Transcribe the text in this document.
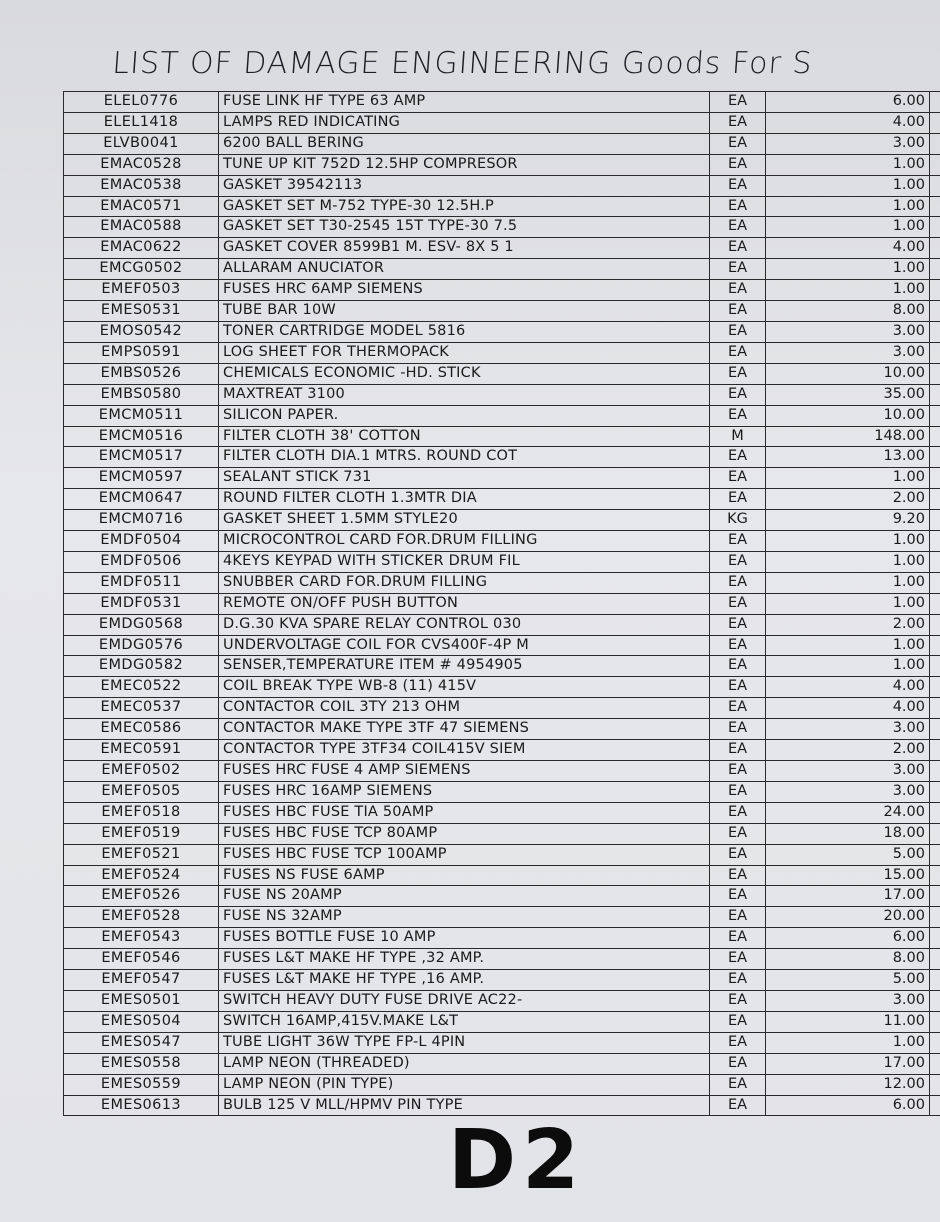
LIST OF DAMAGE ENGINEERING Goods For S
ELEL0776	FUSE LINK HF TYPE 63 AMP	EA	6.00	
ELEL1418	LAMPS RED INDICATING	EA	4.00	
ELVB0041	6200 BALL BERING	EA	3.00	
EMAC0528	TUNE UP KIT 752D 12.5HP COMPRESOR	EA	1.00	
EMAC0538	GASKET 39542113	EA	1.00	
EMAC0571	GASKET SET M-752 TYPE-30 12.5H.P	EA	1.00	
EMAC0588	GASKET SET T30-2545 15T TYPE-30 7.5	EA	1.00	
EMAC0622	GASKET COVER 8599B1 M. ESV- 8X 5 1	EA	4.00	
EMCG0502	ALLARAM ANUCIATOR	EA	1.00	
EMEF0503	FUSES HRC 6AMP SIEMENS	EA	1.00	
EMES0531	TUBE BAR 10W	EA	8.00	
EMOS0542	TONER CARTRIDGE MODEL 5816	EA	3.00	
EMPS0591	LOG SHEET FOR THERMOPACK	EA	3.00	
EMBS0526	CHEMICALS ECONOMIC -HD. STICK	EA	10.00	
EMBS0580	MAXTREAT 3100	EA	35.00	
EMCM0511	SILICON PAPER.	EA	10.00	
EMCM0516	FILTER CLOTH 38' COTTON	M	148.00	
EMCM0517	FILTER CLOTH DIA.1 MTRS. ROUND COT	EA	13.00	
EMCM0597	SEALANT STICK 731	EA	1.00	
EMCM0647	ROUND FILTER CLOTH 1.3MTR DIA	EA	2.00	
EMCM0716	GASKET SHEET 1.5MM STYLE20	KG	9.20	
EMDF0504	MICROCONTROL CARD FOR.DRUM FILLING	EA	1.00	
EMDF0506	4KEYS KEYPAD WITH STICKER DRUM FIL	EA	1.00	
EMDF0511	SNUBBER CARD FOR.DRUM FILLING	EA	1.00	
EMDF0531	REMOTE ON/OFF PUSH BUTTON	EA	1.00	
EMDG0568	D.G.30 KVA SPARE RELAY CONTROL 030	EA	2.00	
EMDG0576	UNDERVOLTAGE COIL FOR CVS400F-4P M	EA	1.00	
EMDG0582	SENSER,TEMPERATURE ITEM # 4954905	EA	1.00	
EMEC0522	COIL BREAK TYPE WB-8 (11) 415V	EA	4.00	
EMEC0537	CONTACTOR COIL 3TY 213 OHM	EA	4.00	
EMEC0586	CONTACTOR MAKE TYPE 3TF 47 SIEMENS	EA	3.00	
EMEC0591	CONTACTOR TYPE 3TF34 COIL415V SIEM	EA	2.00	
EMEF0502	FUSES HRC FUSE 4 AMP SIEMENS	EA	3.00	
EMEF0505	FUSES HRC 16AMP SIEMENS	EA	3.00	
EMEF0518	FUSES HBC FUSE TIA 50AMP	EA	24.00	
EMEF0519	FUSES HBC FUSE TCP 80AMP	EA	18.00	
EMEF0521	FUSES HBC FUSE TCP 100AMP	EA	5.00	
EMEF0524	FUSES NS FUSE 6AMP	EA	15.00	
EMEF0526	FUSE NS 20AMP	EA	17.00	
EMEF0528	FUSE NS 32AMP	EA	20.00	
EMEF0543	FUSES BOTTLE FUSE 10 AMP	EA	6.00	
EMEF0546	FUSES L&T MAKE HF TYPE ,32 AMP.	EA	8.00	
EMEF0547	FUSES L&T MAKE HF TYPE ,16 AMP.	EA	5.00	
EMES0501	SWITCH HEAVY DUTY FUSE DRIVE AC22-	EA	3.00	
EMES0504	SWITCH 16AMP,415V.MAKE L&T	EA	11.00	
EMES0547	TUBE LIGHT 36W TYPE FP-L 4PIN	EA	1.00	
EMES0558	LAMP NEON (THREADED)	EA	17.00	
EMES0559	LAMP NEON (PIN TYPE)	EA	12.00	
EMES0613	BULB 125 V MLL/HPMV PIN TYPE	EA	6.00	
D2
